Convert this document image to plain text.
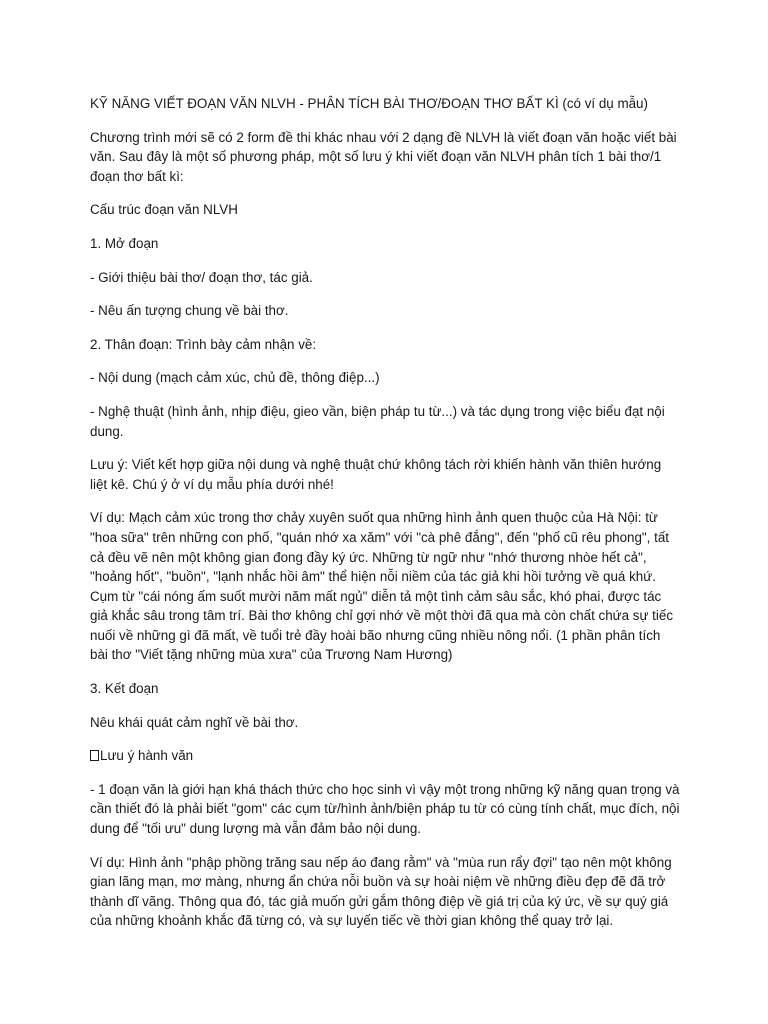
KỸ NĂNG VIẾT ĐOẠN VĂN NLVH - PHÂN TÍCH BÀI THƠ/ĐOẠN THƠ BẤT KÌ (có ví dụ mẫu)

Chương trình mới sẽ có 2 form đề thi khác nhau với 2 dạng đề NLVH là viết đoạn văn hoặc viết bài văn. Sau đây là một số phương pháp, một số lưu ý khi viết đoạn văn NLVH phân tích 1 bài thơ/1 đoạn thơ bất kì:

Cấu trúc đoạn văn NLVH

1. Mở đoạn

- Giới thiệu bài thơ/ đoạn thơ, tác giả.

- Nêu ấn tượng chung về bài thơ.

2. Thân đoạn: Trình bày cảm nhận về:

- Nội dung (mạch cảm xúc, chủ đề, thông điệp...)

- Nghệ thuật (hình ảnh, nhịp điệu, gieo vần, biện pháp tu từ...) và tác dụng trong việc biểu đạt nội dung.

Lưu ý: Viết kết hợp giữa nội dung và nghệ thuật chứ không tách rời khiến hành văn thiên hướng liệt kê. Chú ý ở ví dụ mẫu phía dưới nhé!

Ví dụ: Mạch cảm xúc trong thơ chảy xuyên suốt qua những hình ảnh quen thuộc của Hà Nội: từ "hoa sữa" trên những con phố, "quán nhớ xa xăm" với "cà phê đắng", đến "phố cũ rêu phong", tất cả đều vẽ nên một không gian đong đầy ký ức. Những từ ngữ như "nhớ thương nhòe hết cả", "hoảng hốt", "buồn", "lạnh nhắc hồi âm" thể hiện nỗi niềm của tác giả khi hồi tưởng về quá khứ. Cụm từ "cái nóng ấm suốt mười năm mất ngủ" diễn tả một tình cảm sâu sắc, khó phai, được tác giả khắc sâu trong tâm trí. Bài thơ không chỉ gợi nhớ về một thời đã qua mà còn chất chứa sự tiếc nuối về những gì đã mất, về tuổi trẻ đầy hoài bão nhưng cũng nhiều nông nổi. (1 phần phân tích bài thơ "Viết tặng những mùa xưa" của Trương Nam Hương)

3. Kết đoạn

Nêu khái quát cảm nghĩ về bài thơ.

Lưu ý hành văn

- 1 đoạn văn là giới hạn khá thách thức cho học sinh vì vậy một trong những kỹ năng quan trọng và cần thiết đó là phải biết "gom" các cụm từ/hình ảnh/biện pháp tu từ có cùng tính chất, mục đích, nội dung để "tối ưu" dung lượng mà vẫn đảm bảo nội dung.

Ví dụ: Hình ảnh "phập phồng trăng sau nếp áo đang rằm" và "mùa run rẩy đợi" tạo nên một không gian lãng mạn, mơ màng, nhưng ẩn chứa nỗi buồn và sự hoài niệm về những điều đẹp đẽ đã trở thành dĩ vãng. Thông qua đó, tác giả muốn gửi gắm thông điệp về giá trị của ký ức, về sự quý giá của những khoảnh khắc đã từng có, và sự luyến tiếc về thời gian không thể quay trở lại.
